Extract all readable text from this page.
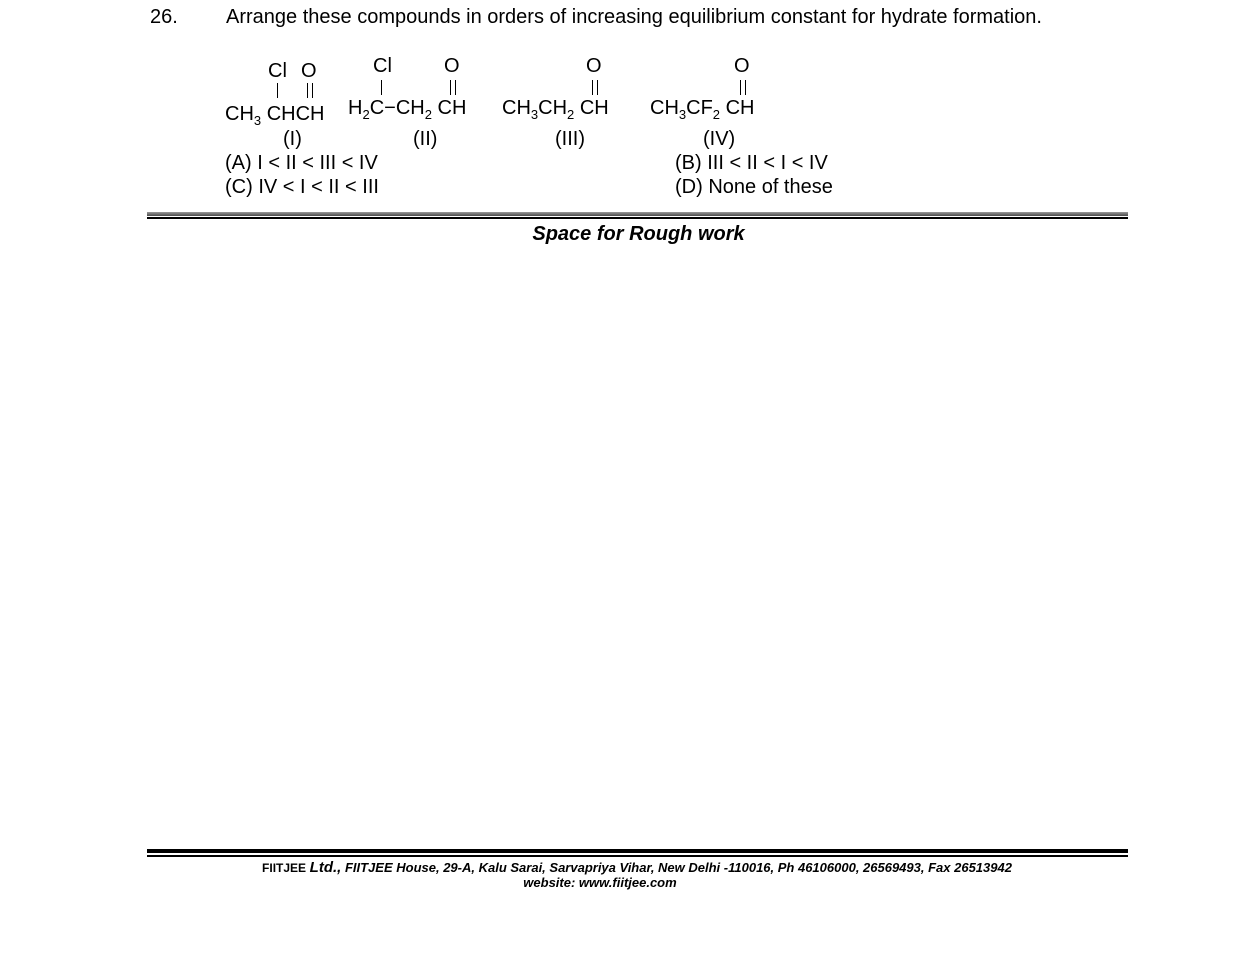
26. Arrange these compounds in orders of increasing equilibrium constant for hydrate formation.
Cl O
$CH_3$ CHCH
Cl	O
$H_2C-CH_2$ CH
O
$CH_3CH_2$ CH
O
$CH_3CF_2$ CH
(I)	(II)	(III)	(IV)
(A) I < II < III < IV	(B) III < II < I < IV
(C) IV < I < II < III	(D) None of these
Space for Rough work
FIITJEE Ltd., FIITJEE House, 29-A, Kalu Sarai, Sarvapriya Vihar, New Delhi -110016, Ph 46106000, 26569493, Fax 26513942
website: www.fiitjee.com
